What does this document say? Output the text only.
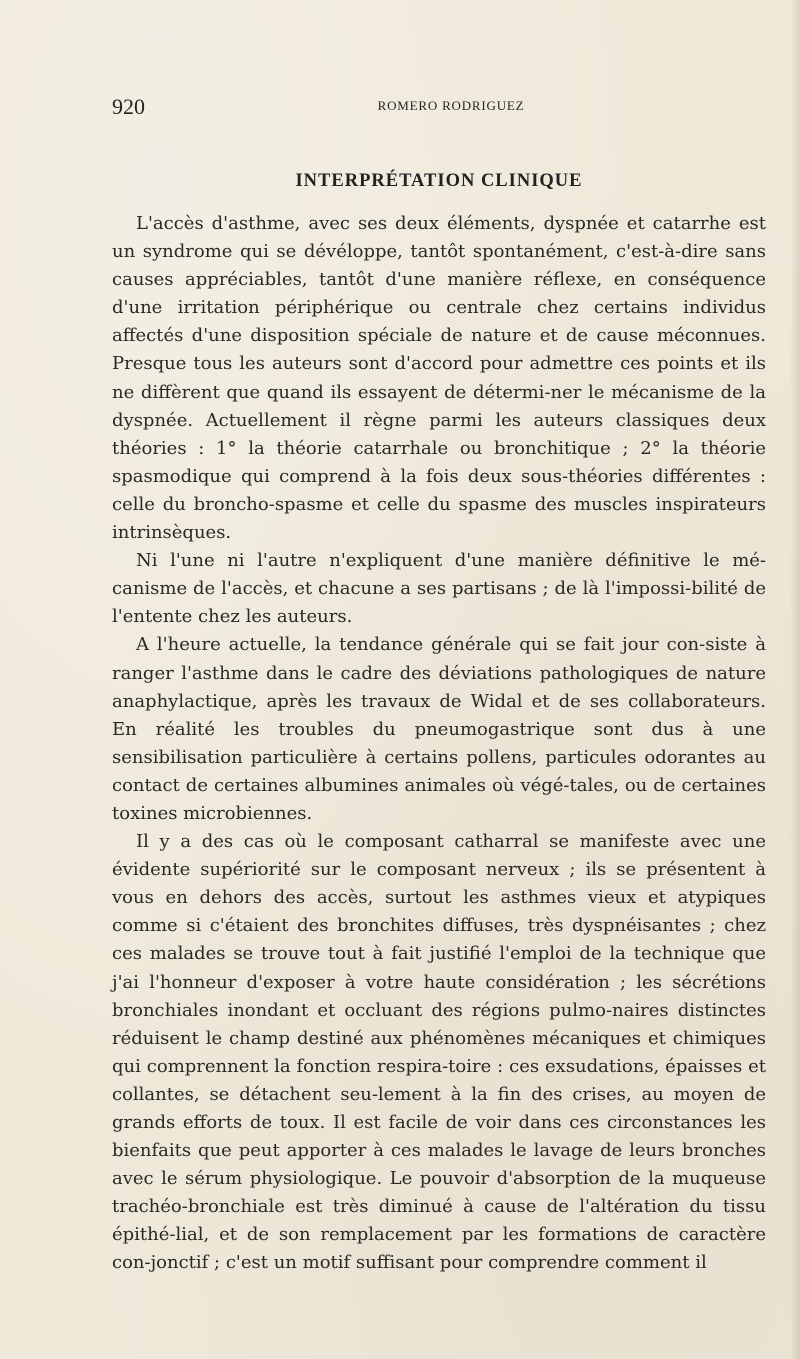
920	ROMERO RODRIGUEZ
INTERPRÉTATION CLINIQUE

L'accès d'asthme, avec ses deux éléments, dyspnée et catarrhe est un syndrome qui se dévéloppe, tantôt spontanément, c'est-à-dire sans causes appréciables, tantôt d'une manière réflexe, en conséquence d'une irritation périphérique ou centrale chez certains individus affectés d'une disposition spéciale de nature et de cause méconnues. Presque tous les auteurs sont d'accord pour admettre ces points et ils ne diffèrent que quand ils essayent de détermi-ner le mécanisme de la dyspnée. Actuellement il règne parmi les auteurs classiques deux théories : 1° la théorie catarrhale ou bronchitique ; 2° la théorie spasmodique qui comprend à la fois deux sous-théories différentes : celle du broncho-spasme et celle du spasme des muscles inspirateurs intrinsèques.

Ni l'une ni l'autre n'expliquent d'une manière définitive le mé-canisme de l'accès, et chacune a ses partisans ; de là l'impossi-bilité de l'entente chez les auteurs.

A l'heure actuelle, la tendance générale qui se fait jour con-siste à ranger l'asthme dans le cadre des déviations pathologiques de nature anaphylactique, après les travaux de Widal et de ses collaborateurs. En réalité les troubles du pneumogastrique sont dus à une sensibilisation particulière à certains pollens, particules odorantes au contact de certaines albumines animales où végé-tales, ou de certaines toxines microbiennes.

Il y a des cas où le composant catharral se manifeste avec une évidente supériorité sur le composant nerveux ; ils se présentent à vous en dehors des accès, surtout les asthmes vieux et atypiques comme si c'étaient des bronchites diffuses, très dyspnéisantes ; chez ces malades se trouve tout à fait justifié l'emploi de la technique que j'ai l'honneur d'exposer à votre haute considération ; les sécrétions bronchiales inondant et occluant des régions pulmo-naires distinctes réduisent le champ destiné aux phénomènes mécaniques et chimiques qui comprennent la fonction respira-toire : ces exsudations, épaisses et collantes, se détachent seu-lement à la fin des crises, au moyen de grands efforts de toux. Il est facile de voir dans ces circonstances les bienfaits que peut apporter à ces malades le lavage de leurs bronches avec le sérum physiologique. Le pouvoir d'absorption de la muqueuse trachéo-bronchiale est très diminué à cause de l'altération du tissu épithé-lial, et de son remplacement par les formations de caractère con-jonctif ; c'est un motif suffisant pour comprendre comment il
